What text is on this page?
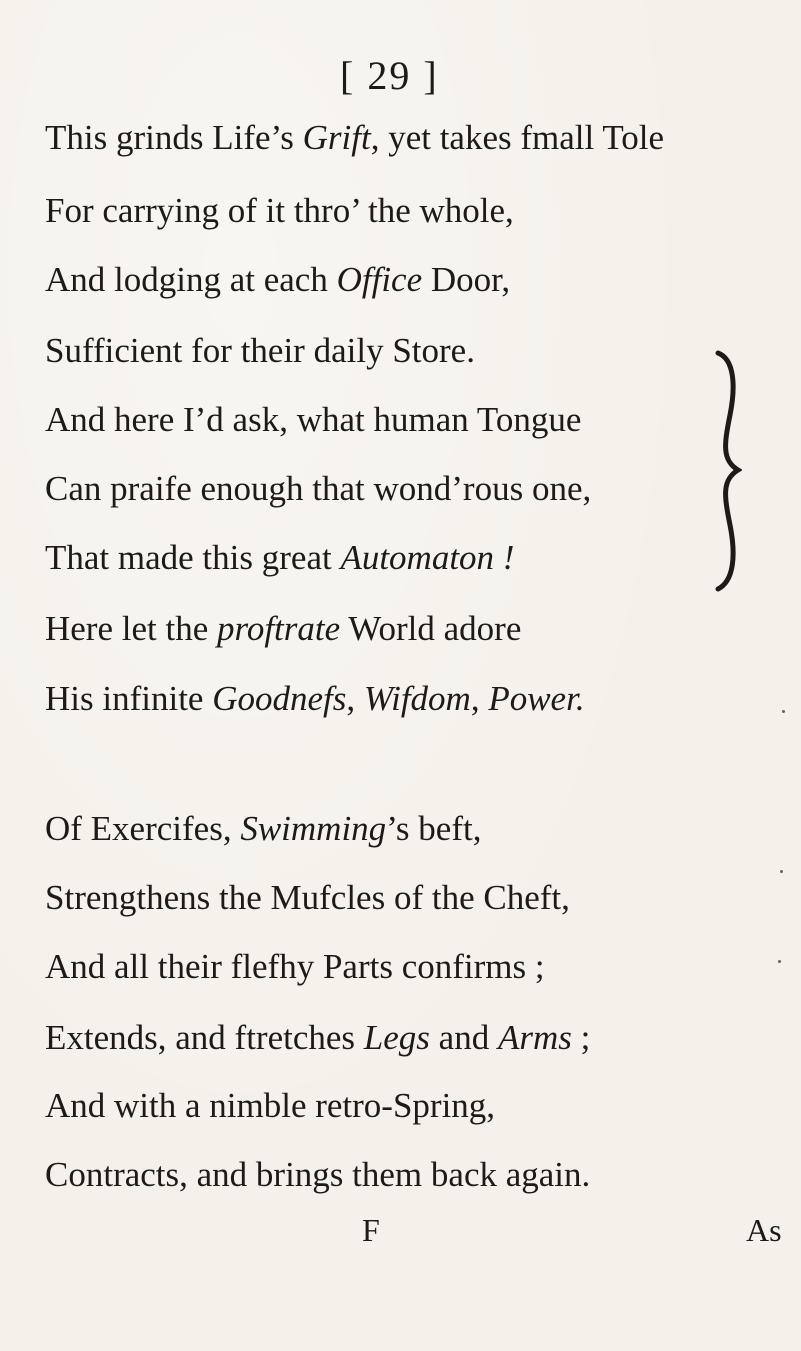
[ 29 ]
This grinds Life’s Grift, yet takes fmall Tole
For carrying of it thro’ the whole,
And lodging at each Office Door,
Sufficient for their daily Store.
And here I’d ask, what human Tongue
Can praife enough that wond’rous one,
That made this great Automaton !
Here let the proftrate World adore
His infinite Goodnefs, Wifdom, Power.
Of Exercifes, Swimming’s beft,
Strengthens the Mufcles of the Cheft,
And all their flefhy Parts confirms ;
Extends, and ftretches Legs and Arms ;
And with a nimble retro-Spring,
Contracts, and brings them back again.
F	As
